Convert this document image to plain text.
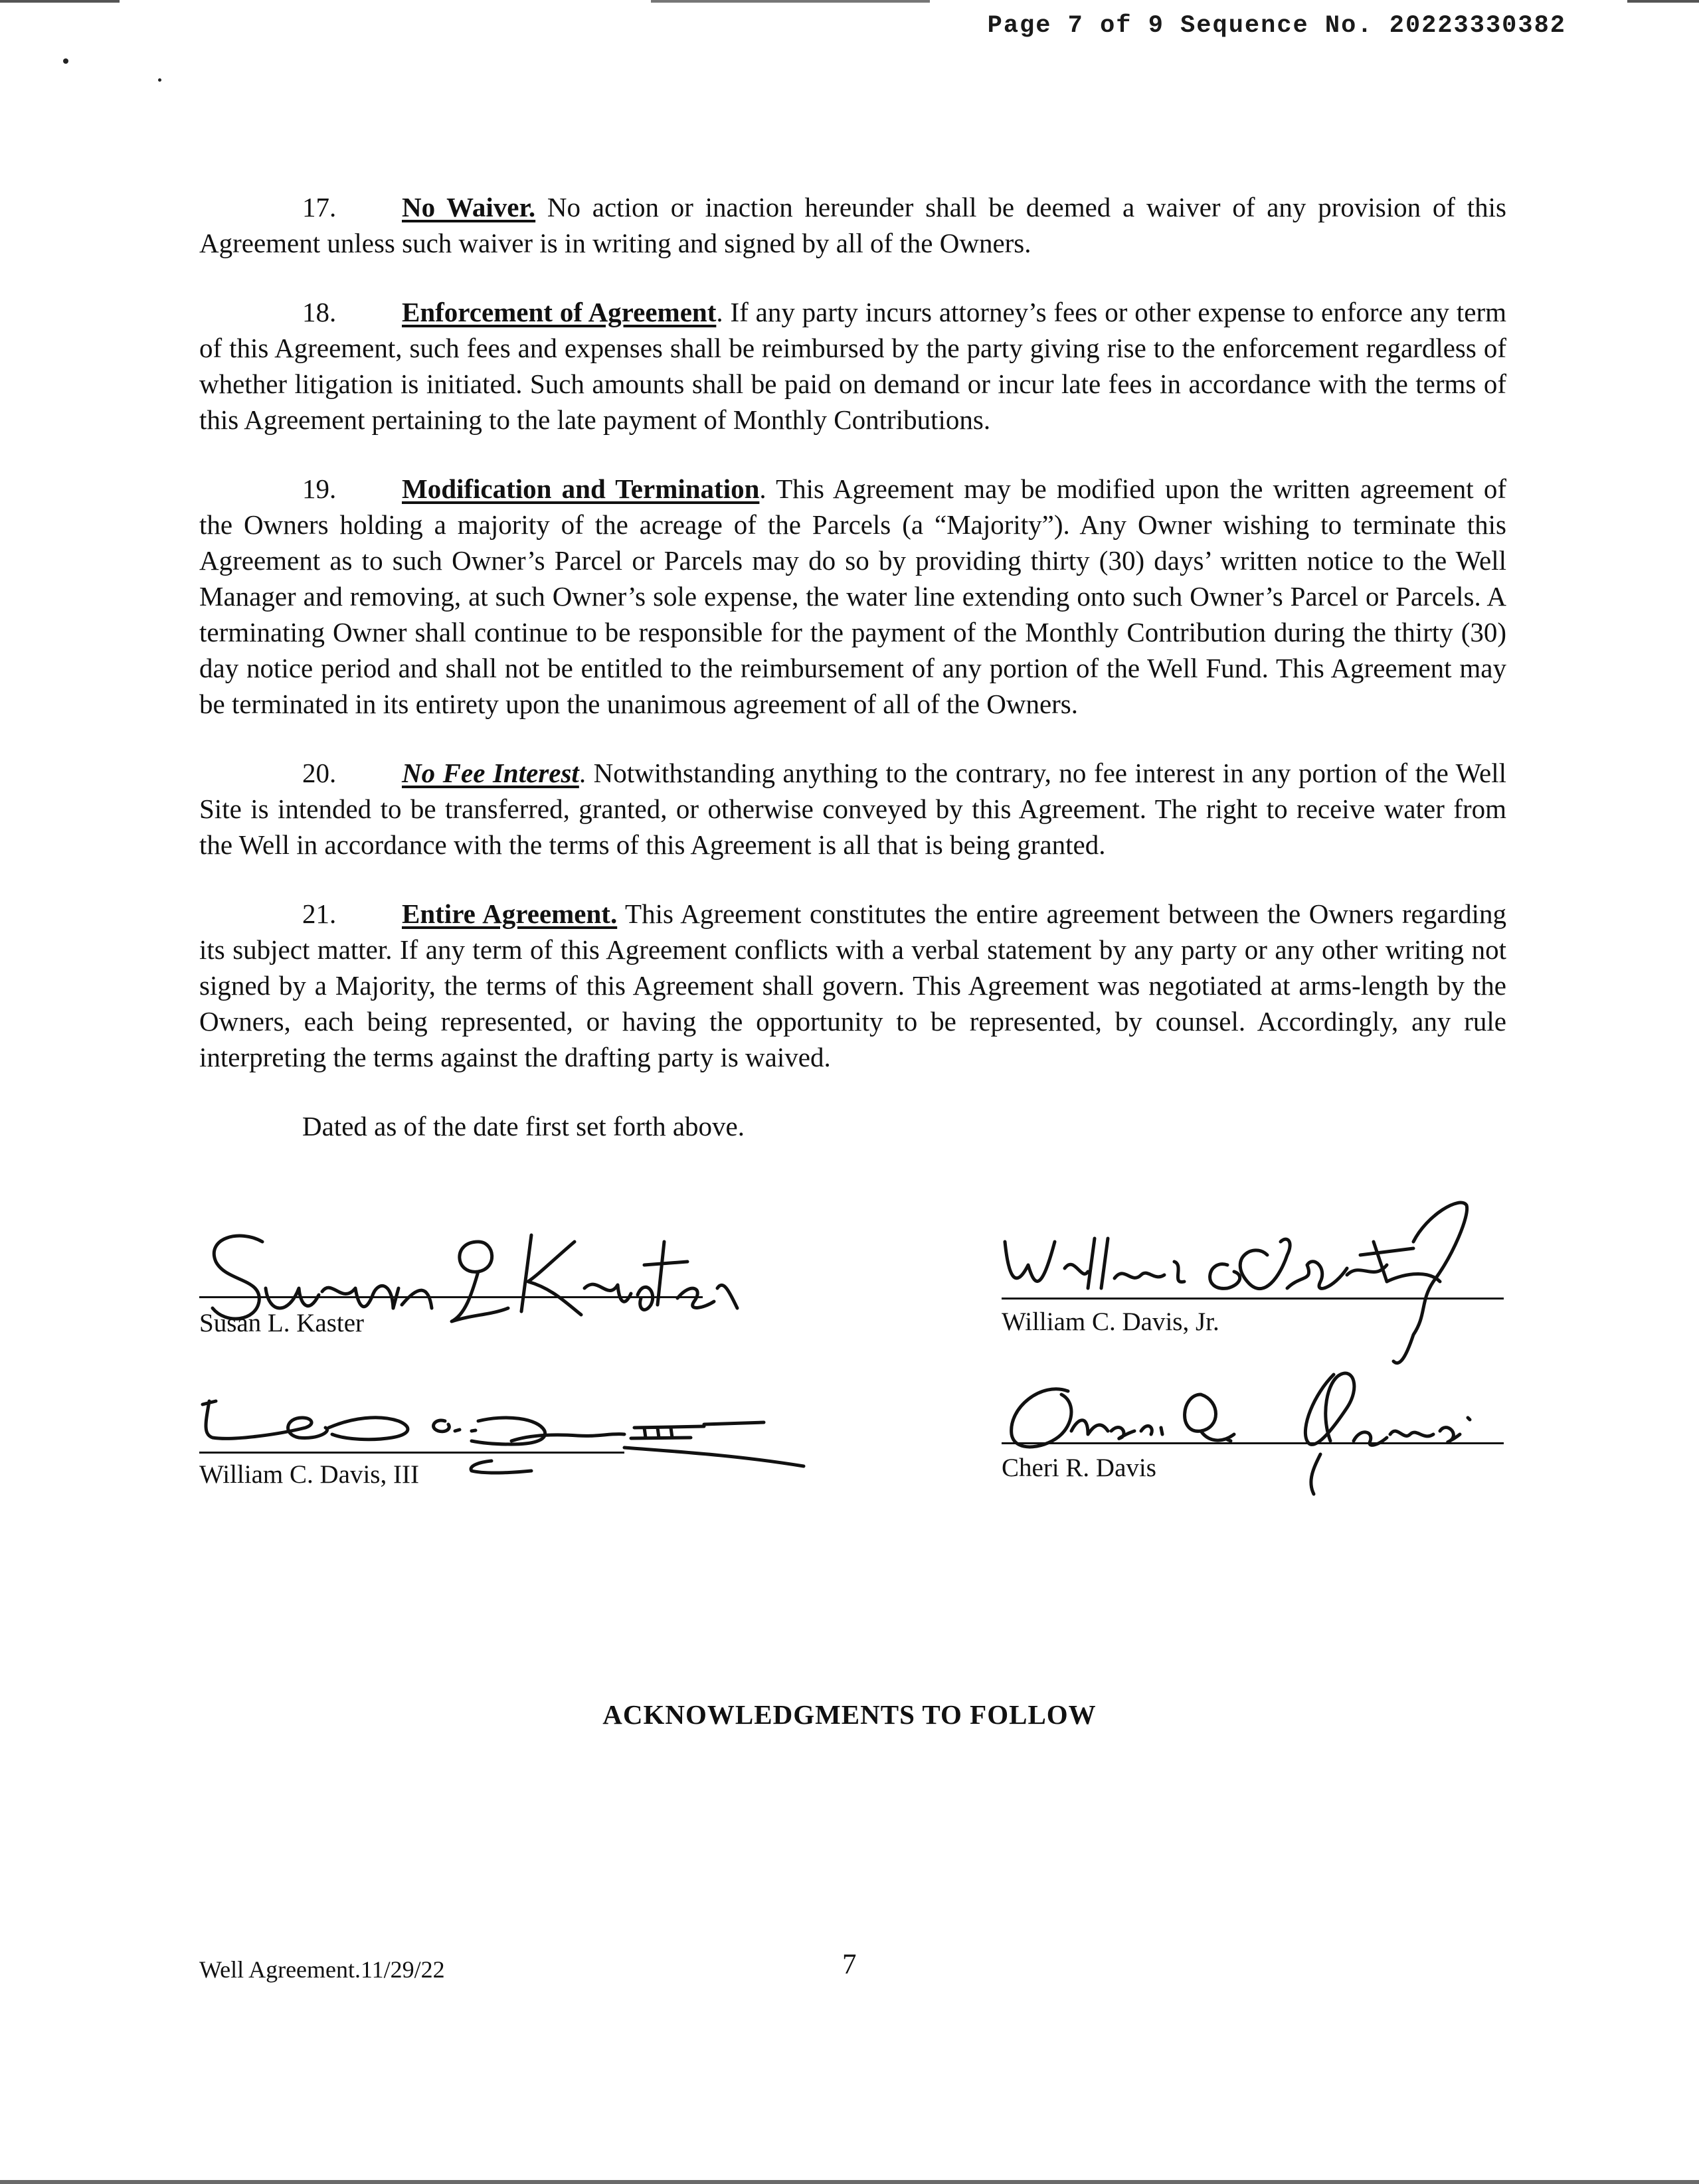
Page 7 of 9 Sequence No. 20223330382

17. No Waiver. No action or inaction hereunder shall be deemed a waiver of any provision of this Agreement unless such waiver is in writing and signed by all of the Owners.

18. Enforcement of Agreement. If any party incurs attorney’s fees or other expense to enforce any term of this Agreement, such fees and expenses shall be reimbursed by the party giving rise to the enforcement regardless of whether litigation is initiated. Such amounts shall be paid on demand or incur late fees in accordance with the terms of this Agreement pertaining to the late payment of Monthly Contributions.

19. Modification and Termination. This Agreement may be modified upon the written agreement of the Owners holding a majority of the acreage of the Parcels (a “Majority”). Any Owner wishing to terminate this Agreement as to such Owner’s Parcel or Parcels may do so by providing thirty (30) days’ written notice to the Well Manager and removing, at such Owner’s sole expense, the water line extending onto such Owner’s Parcel or Parcels. A terminating Owner shall continue to be responsible for the payment of the Monthly Contribution during the thirty (30) day notice period and shall not be entitled to the reimbursement of any portion of the Well Fund. This Agreement may be terminated in its entirety upon the unanimous agreement of all of the Owners.

20. No Fee Interest. Notwithstanding anything to the contrary, no fee interest in any portion of the Well Site is intended to be transferred, granted, or otherwise conveyed by this Agreement. The right to receive water from the Well in accordance with the terms of this Agreement is all that is being granted.

21. Entire Agreement. This Agreement constitutes the entire agreement between the Owners regarding its subject matter. If any term of this Agreement conflicts with a verbal statement by any party or any other writing not signed by a Majority, the terms of this Agreement shall govern. This Agreement was negotiated at arms-length by the Owners, each being represented, or having the opportunity to be represented, by counsel. Accordingly, any rule interpreting the terms against the drafting party is waived.

Dated as of the date first set forth above.

Susan L. Kaster	William C. Davis, Jr.
William C. Davis, III	Cheri R. Davis
ACKNOWLEDGMENTS TO FOLLOW
Well Agreement.11/29/22	7
